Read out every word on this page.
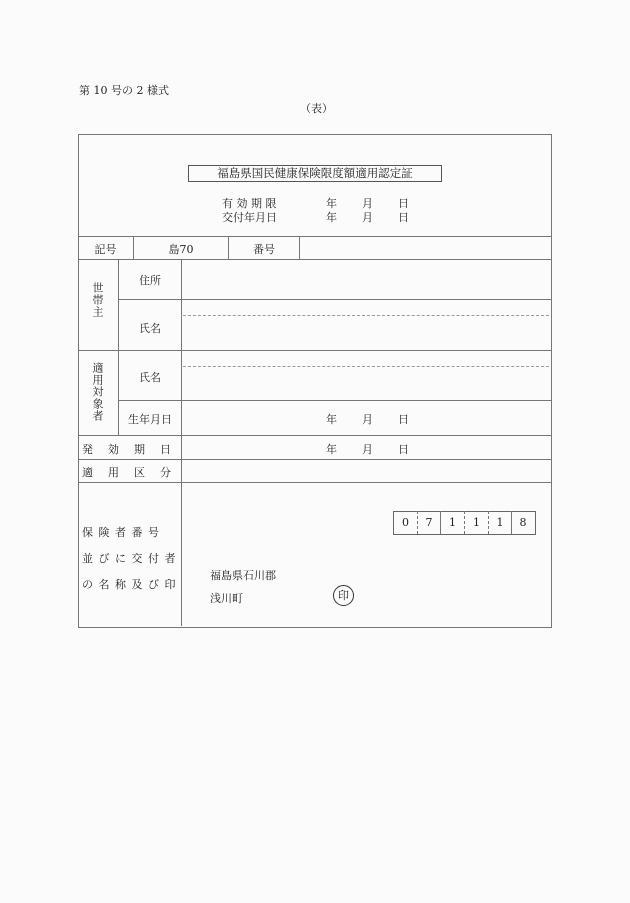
第 10 号の 2 様式
（表）
福島県国民健康保険限度額適用認定証
有 効 期 限	年 月 日
交付年月日	年 月 日
記号	島70	番号
世帯主
住所
氏名
適用対象者	氏名
生年月日	年 月 日
発　効　期　日	年 月 日
適　用　区　分
保 険 者 番 号
並 び に 交 付 者
の 名 称 及 び 印
0	7	1	1	1	8
福島県石川郡
浅川町	印
